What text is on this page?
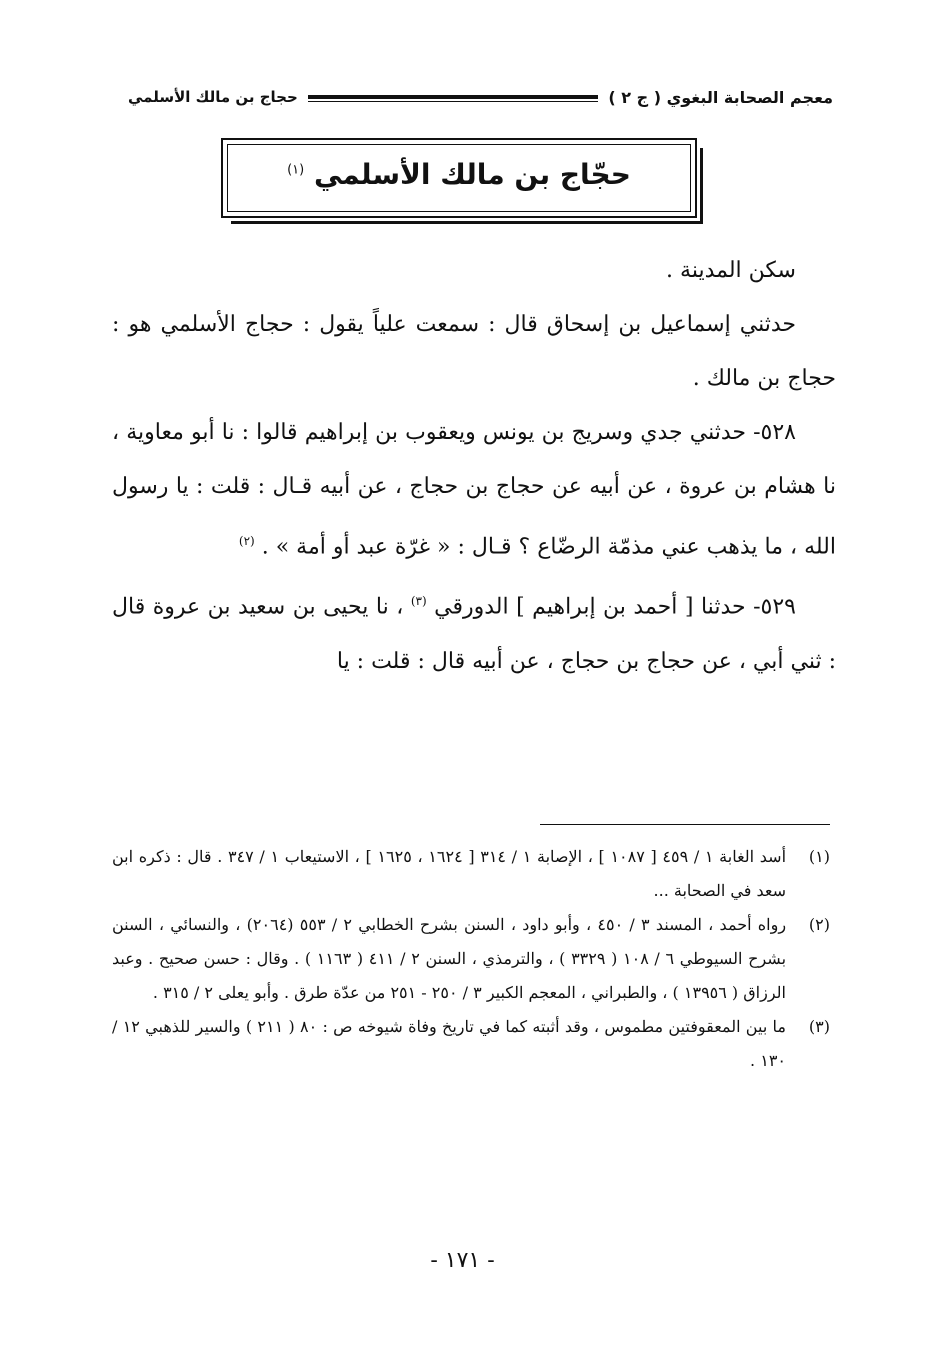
معجم الصحابة البغوي ( ج ٢ )
حجاج بن مالك الأسلمي
حجّاج بن مالك الأسلمي $^{(١)}$

سكن المدينة .

حدثني إسماعيل بن إسحاق قال : سمعت علياً يقول : حجاج الأسلمي هو : حجاج بن مالك .

٥٢٨- حدثني جدي وسريج بن يونس ويعقوب بن إبراهيم قالوا : نا أبو معاوية ، نا هشام بن عروة ، عن أبيه عن حجاج بن حجاج ، عن أبيه قـال : قلت : يا رسول الله ، ما يذهب عني مذمّة الرضّاع ؟ قـال : « غرّة عبد أو أمة » . $^{(٢)}$

٥٢٩- حدثنا [ أحمد بن إبراهيم ] الدورقي $^{(٣)}$ ، نا يحيى بن سعيد بن عروة قال : ثني أبي ، عن حجاج بن حجاج ، عن أبيه قال : قلت : يا

(١)
أسد الغابة ١ / ٤٥٩ [ ١٠٨٧ ] ، الإصابة ١ / ٣١٤ [ ١٦٢٤ ، ١٦٢٥ ] ، الاستيعاب ١ / ٣٤٧ . قال : ذكره ابن سعد في الصحابة ...
(٢)
رواه أحمد ، المسند ٣ / ٤٥٠ ، وأبو داود ، السنن بشرح الخطابي ٢ / ٥٥٣ (٢٠٦٤) ، والنسائي ، السنن بشرح السيوطي ٦ / ١٠٨ ( ٣٣٢٩ ) ، والترمذي ، السنن ٢ / ٤١١ ( ١١٦٣ ) . وقال : حسن صحيح . وعبد الرزاق ( ١٣٩٥٦ ) ، والطبراني ، المعجم الكبير ٣ / ٢٥٠ - ٢٥١ من عدّة طرق . وأبو يعلى ٢ / ٣١٥ .
(٣)
ما بين المعقوفتين مطموس ، وقد أثبته كما في تاريخ وفاة شيوخه ص : ٨٠ ( ٢١١ ) والسير للذهبي ١٢ / ١٣٠ .
- ١٧١ -
